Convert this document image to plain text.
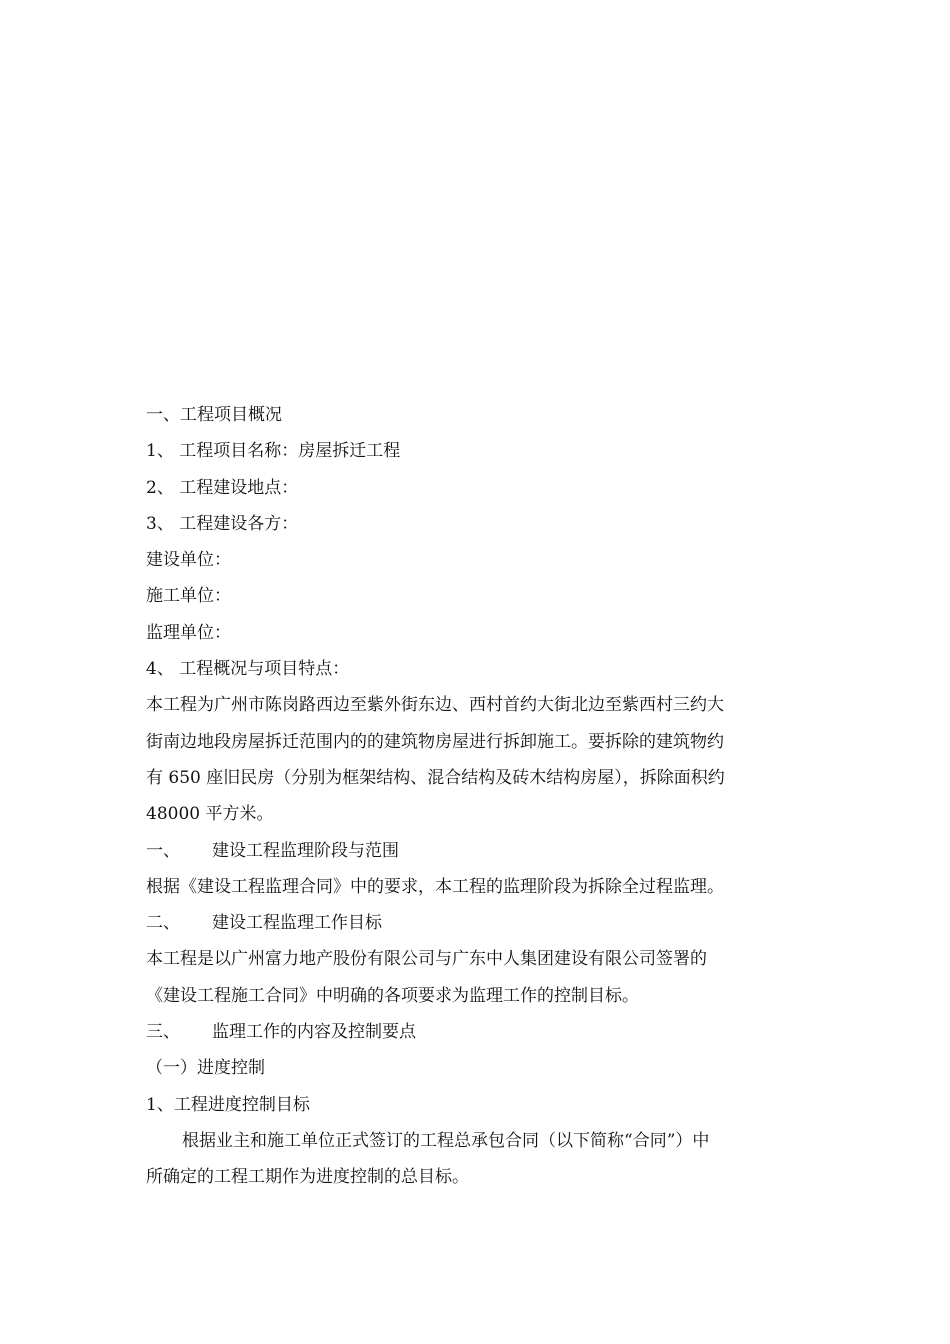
一、工程项目概况
1、 工程项目名称：房屋拆迁工程
2、 工程建设地点：
3、 工程建设各方：
建设单位：
施工单位：
监理单位：
4、 工程概况与项目特点：
本工程为广州市陈岗路西边至紫外街东边、西村首约大街北边至紫西村三约大
街南边地段房屋拆迁范围内的的建筑物房屋进行拆卸施工。要拆除的建筑物约
有 650 座旧民房（分别为框架结构、混合结构及砖木结构房屋），拆除面积约
48000 平方米。
一、 建设工程监理阶段与范围
根据《建设工程监理合同》中的要求，本工程的监理阶段为拆除全过程监理。
二、 建设工程监理工作目标
本工程是以广州富力地产股份有限公司与广东中人集团建设有限公司签署的
《建设工程施工合同》中明确的各项要求为监理工作的控制目标。
三、 监理工作的内容及控制要点
（一）进度控制
1、工程进度控制目标
根据业主和施工单位正式签订的工程总承包合同（以下简称“合同”）中
所确定的工程工期作为进度控制的总目标。
